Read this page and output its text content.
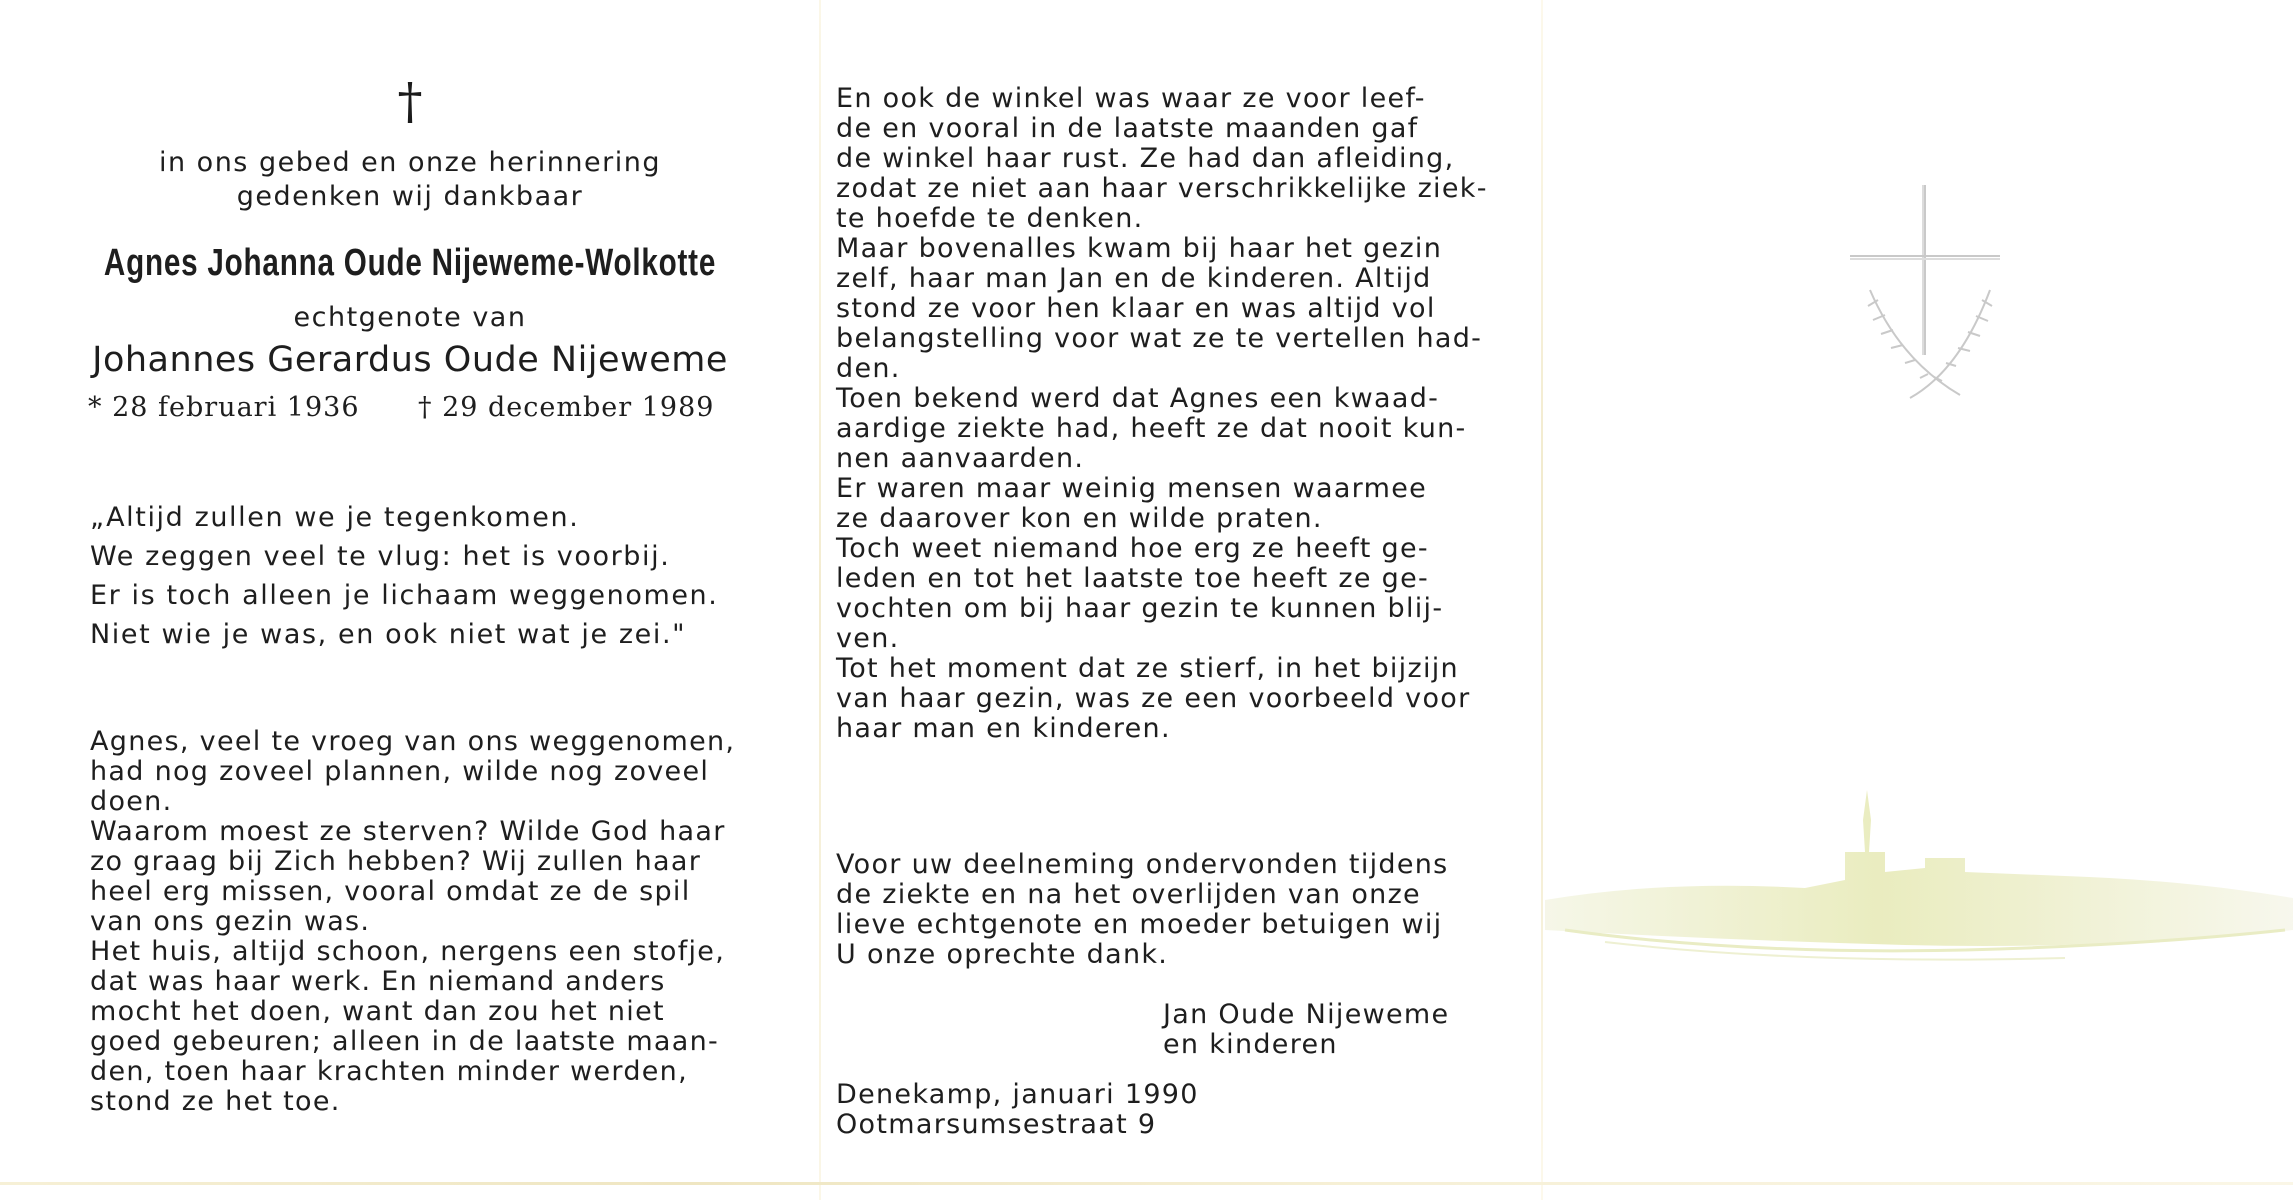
†
in ons gebed en onze herinnering
gedenken wij dankbaar
Agnes Johanna Oude Nijeweme-Wolkotte
echtgenote van
Johannes Gerardus Oude Nijeweme
* 28 februari 1936 † 29 december 1989
„Altijd zullen we je tegenkomen.
We zeggen veel te vlug: het is voorbij.
Er is toch alleen je lichaam weggenomen.
Niet wie je was, en ook niet wat je zei."
Agnes, veel te vroeg van ons weggenomen,
had nog zoveel plannen, wilde nog zoveel
doen.
Waarom moest ze sterven? Wilde God haar
zo graag bij Zich hebben? Wij zullen haar
heel erg missen, vooral omdat ze de spil
van ons gezin was.
Het huis, altijd schoon, nergens een stofje,
dat was haar werk. En niemand anders
mocht het doen, want dan zou het niet
goed gebeuren; alleen in de laatste maan-
den, toen haar krachten minder werden,
stond ze het toe.
En ook de winkel was waar ze voor leef-
de en vooral in de laatste maanden gaf
de winkel haar rust. Ze had dan afleiding,
zodat ze niet aan haar verschrikkelijke ziek-
te hoefde te denken.
Maar bovenalles kwam bij haar het gezin
zelf, haar man Jan en de kinderen. Altijd
stond ze voor hen klaar en was altijd vol
belangstelling voor wat ze te vertellen had-
den.
Toen bekend werd dat Agnes een kwaad-
aardige ziekte had, heeft ze dat nooit kun-
nen aanvaarden.
Er waren maar weinig mensen waarmee
ze daarover kon en wilde praten.
Toch weet niemand hoe erg ze heeft ge-
leden en tot het laatste toe heeft ze ge-
vochten om bij haar gezin te kunnen blij-
ven.
Tot het moment dat ze stierf, in het bijzijn
van haar gezin, was ze een voorbeeld voor
haar man en kinderen.
Voor uw deelneming ondervonden tijdens
de ziekte en na het overlijden van onze
lieve echtgenote en moeder betuigen wij
U onze oprechte dank.
Jan Oude Nijeweme
en kinderen
Denekamp, januari 1990
Ootmarsumsestraat 9
